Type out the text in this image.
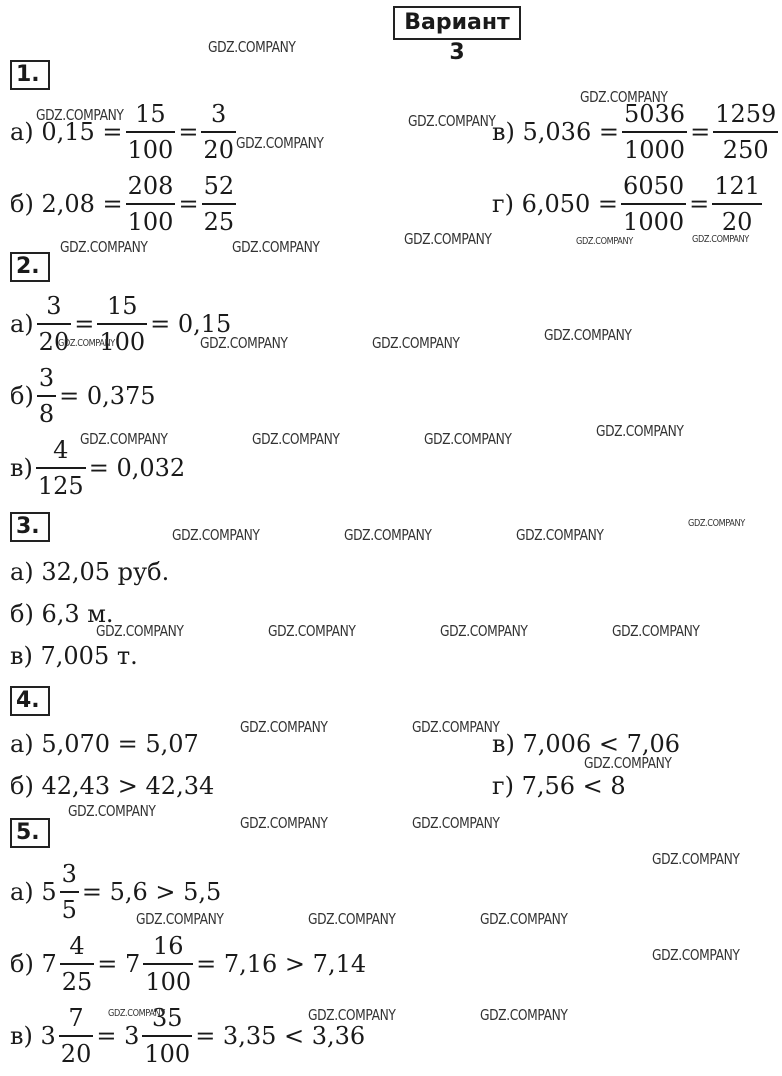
Вариант 3
1.
а)
$0,15 = \frac{15}{100} = \frac{3}{20}$
б)
$2,08 = \frac{208}{100} = \frac{52}{25}$
в)
$5,036 = \frac{5036}{1000} = \frac{1259}{250}$
г)
$6,050 = \frac{6050}{1000} = \frac{121}{20}$
2.
$а) \frac{3}{20} = \frac{15}{100} = 0,15$
$б) \frac{3}{8} = 0,375$
$в) \frac{4}{125} = 0,032$
3.
а)
32,05 руб.
б)
6,3 м.
в)
7,005 т.
4.
а)
5,070 = 5,07
б)
42,43 > 42,34
в)
7,006 < 7,06
г)
7,56 < 8
5.
а)
$5 \frac{3}{5} = 5,6 > 5,5$
б)
$7 \frac{4}{25} = 7 \frac{16}{100} = 7,16 > 7,14$
в)
$3 \frac{7}{20} = 3 \frac{35}{100} = 3,35 < 3,36$
GDZ.COMPANY
GDZ.COMPANY
GDZ.COMPANY
GDZ.COMPANY
GDZ.COMPANY
GDZ.COMPANY	GDZ.COMPANY	GDZ.COMPANY	GDZ.COMPANY	GDZ.COMPANY
GDZ.COMPANY	GDZ.COMPANY	GDZ.COMPANY	GDZ.COMPANY
GDZ.COMPANY	GDZ.COMPANY	GDZ.COMPANY	GDZ.COMPANY
GDZ.COMPANY	GDZ.COMPANY	GDZ.COMPANY
GDZ.COMPANY
GDZ.COMPANY	GDZ.COMPANY	GDZ.COMPANY	GDZ.COMPANY
GDZ.COMPANY	GDZ.COMPANY
GDZ.COMPANY
GDZ.COMPANY
GDZ.COMPANY	GDZ.COMPANY
GDZ.COMPANY
GDZ.COMPANY	GDZ.COMPANY	GDZ.COMPANY
GDZ.COMPANY
GDZ.COMPANY	GDZ.COMPANY	GDZ.COMPANY
